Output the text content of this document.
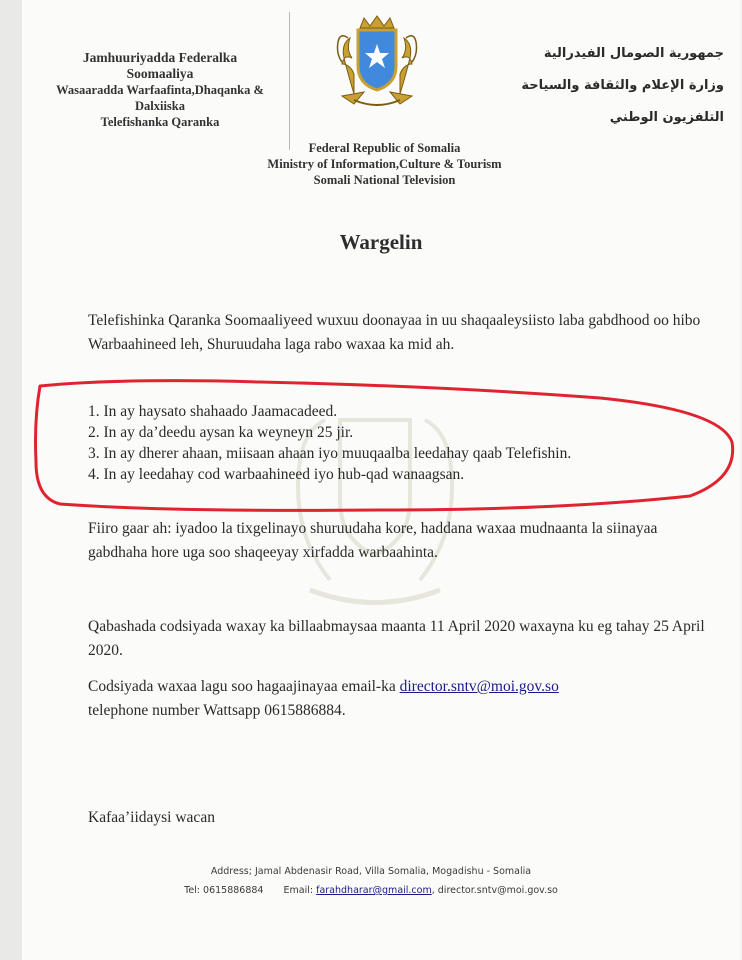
Jamhuuriyadda Federalka
Soomaaliya
Wasaaradda Warfaafinta,Dhaqanka &
Dalxiiska
Telefishanka Qaranka
جمهورية الصومال الفيدرالية
وزارة الإعلام والثقافة والسياحة
التلفزيون الوطني
Federal Republic of Somalia
Ministry of Information,Culture & Tourism
Somali National Television
Wargelin
Telefishinka Qaranka Soomaaliyeed wuxuu doonayaa in uu shaqaaleysiisto laba gabdhood oo hibo Warbaahineed leh, Shuruudaha laga rabo waxaa ka mid ah.
1. In ay haysato shahaado Jaamacadeed.
2. In ay da’deedu aysan ka weyneyn 25 jir.
3. In ay dherer ahaan, miisaan ahaan iyo muuqaalba leedahay qaab Telefishin.
4. In ay leedahay cod warbaahineed iyo hub-qad wanaagsan.
Fiiro gaar ah: iyadoo la tixgelinayo shuruudaha kore, haddana waxaa mudnaanta la siinayaa gabdhaha hore uga soo shaqeeyay xirfadda warbaahinta.
Qabashada codsiyada waxay ka billaabmaysaa maanta 11 April 2020 waxayna ku eg tahay 25 April 2020.
Codsiyada waxaa lagu soo hagaajinayaa email-ka director.sntv@moi.gov.so
telephone number Wattsapp 0615886884.
Kafaa’iidaysi wacan
Address; Jamal Abdenasir Road, Villa Somalia, Mogadishu - Somalia
Tel: 0615886884 Email: farahdharar@gmail.com, director.sntv@moi.gov.so
